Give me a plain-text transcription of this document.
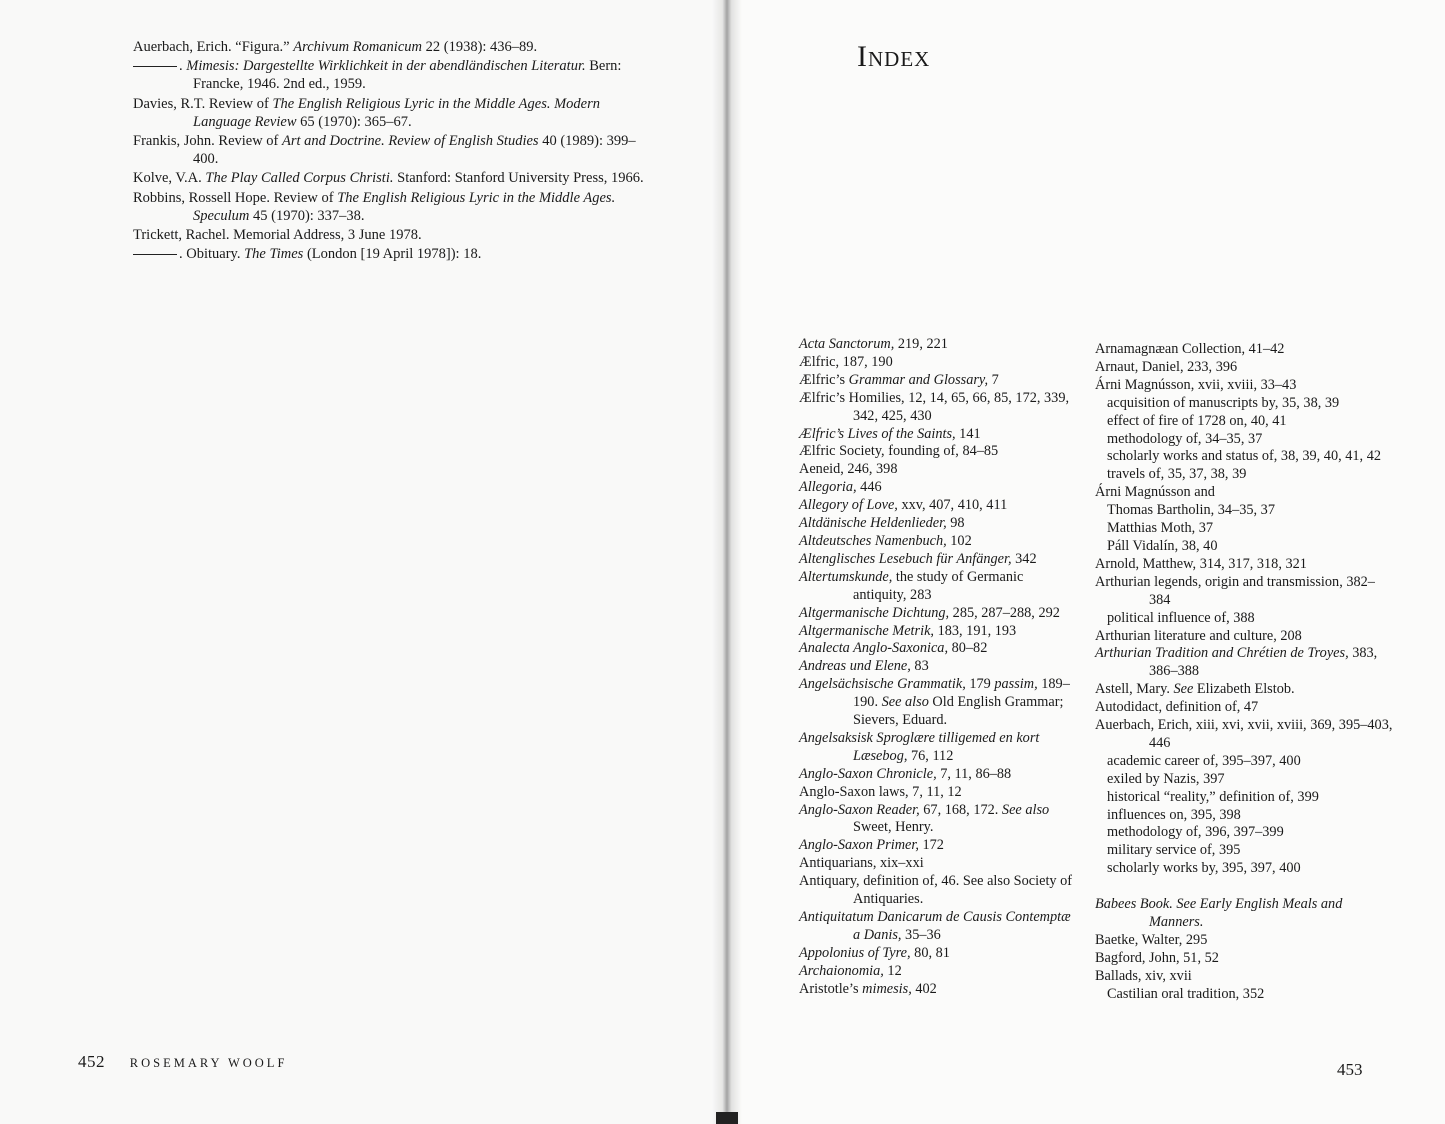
Auerbach, Erich. “Figura.” Archivum Romanicum 22 (1938): 436–89.
. Mimesis: Dargestellte Wirklichkeit in der abendländischen Literatur. Bern: Francke, 1946. 2nd ed., 1959.
Davies, R.T. Review of The English Religious Lyric in the Middle Ages. Modern Language Review 65 (1970): 365–67.
Frankis, John. Review of Art and Doctrine. Review of English Studies 40 (1989): 399–400.
Kolve, V.A. The Play Called Corpus Christi. Stanford: Stanford University Press, 1966.
Robbins, Rossell Hope. Review of The English Religious Lyric in the Middle Ages. Speculum 45 (1970): 337–38.
Trickett, Rachel. Memorial Address, 3 June 1978.
. Obituary. The Times (London [19 April 1978]): 18.
452 ROSEMARY WOOLF
Index
Acta Sanctorum, 219, 221
Ælfric, 187, 190
Ælfric’s Grammar and Glossary, 7
Ælfric’s Homilies, 12, 14, 65, 66, 85, 172, 339, 342, 425, 430
Ælfric’s Lives of the Saints, 141
Ælfric Society, founding of, 84–85
Aeneid, 246, 398
Allegoria, 446
Allegory of Love, xxv, 407, 410, 411
Altdänische Heldenlieder, 98
Altdeutsches Namenbuch, 102
Altenglisches Lesebuch für Anfänger, 342
Altertumskunde, the study of Germanic antiquity, 283
Altgermanische Dichtung, 285, 287–288, 292
Altgermanische Metrik, 183, 191, 193
Analecta Anglo-Saxonica, 80–82
Andreas und Elene, 83
Angelsächsische Grammatik, 179 passim, 189–190. See also Old English Grammar; Sievers, Eduard.
Angelsaksisk Sproglære tilligemed en kort Læsebog, 76, 112
Anglo-Saxon Chronicle, 7, 11, 86–88
Anglo-Saxon laws, 7, 11, 12
Anglo-Saxon Reader, 67, 168, 172. See also Sweet, Henry.
Anglo-Saxon Primer, 172
Antiquarians, xix–xxi
Antiquary, definition of, 46. See also Society of Antiquaries.
Antiquitatum Danicarum de Causis Contemptæ a Danis, 35–36
Appolonius of Tyre, 80, 81
Archaionomia, 12
Aristotle’s mimesis, 402
Arnamagnæan Collection, 41–42
Arnaut, Daniel, 233, 396
Árni Magnússon, xvii, xviii, 33–43
acquisition of manuscripts by, 35, 38, 39
effect of fire of 1728 on, 40, 41
methodology of, 34–35, 37
scholarly works and status of, 38, 39, 40, 41, 42
travels of, 35, 37, 38, 39
Árni Magnússon and
Thomas Bartholin, 34–35, 37
Matthias Moth, 37
Páll Vidalín, 38, 40
Arnold, Matthew, 314, 317, 318, 321
Arthurian legends, origin and transmission, 382–384
political influence of, 388
Arthurian literature and culture, 208
Arthurian Tradition and Chrétien de Troyes, 383, 386–388
Astell, Mary. See Elizabeth Elstob.
Autodidact, definition of, 47
Auerbach, Erich, xiii, xvi, xvii, xviii, 369, 395–403, 446
academic career of, 395–397, 400
exiled by Nazis, 397
historical “reality,” definition of, 399
influences on, 395, 398
methodology of, 396, 397–399
military service of, 395
scholarly works by, 395, 397, 400
Babees Book. See Early English Meals and Manners.
Baetke, Walter, 295
Bagford, John, 51, 52
Ballads, xiv, xvii
Castilian oral tradition, 352
453
